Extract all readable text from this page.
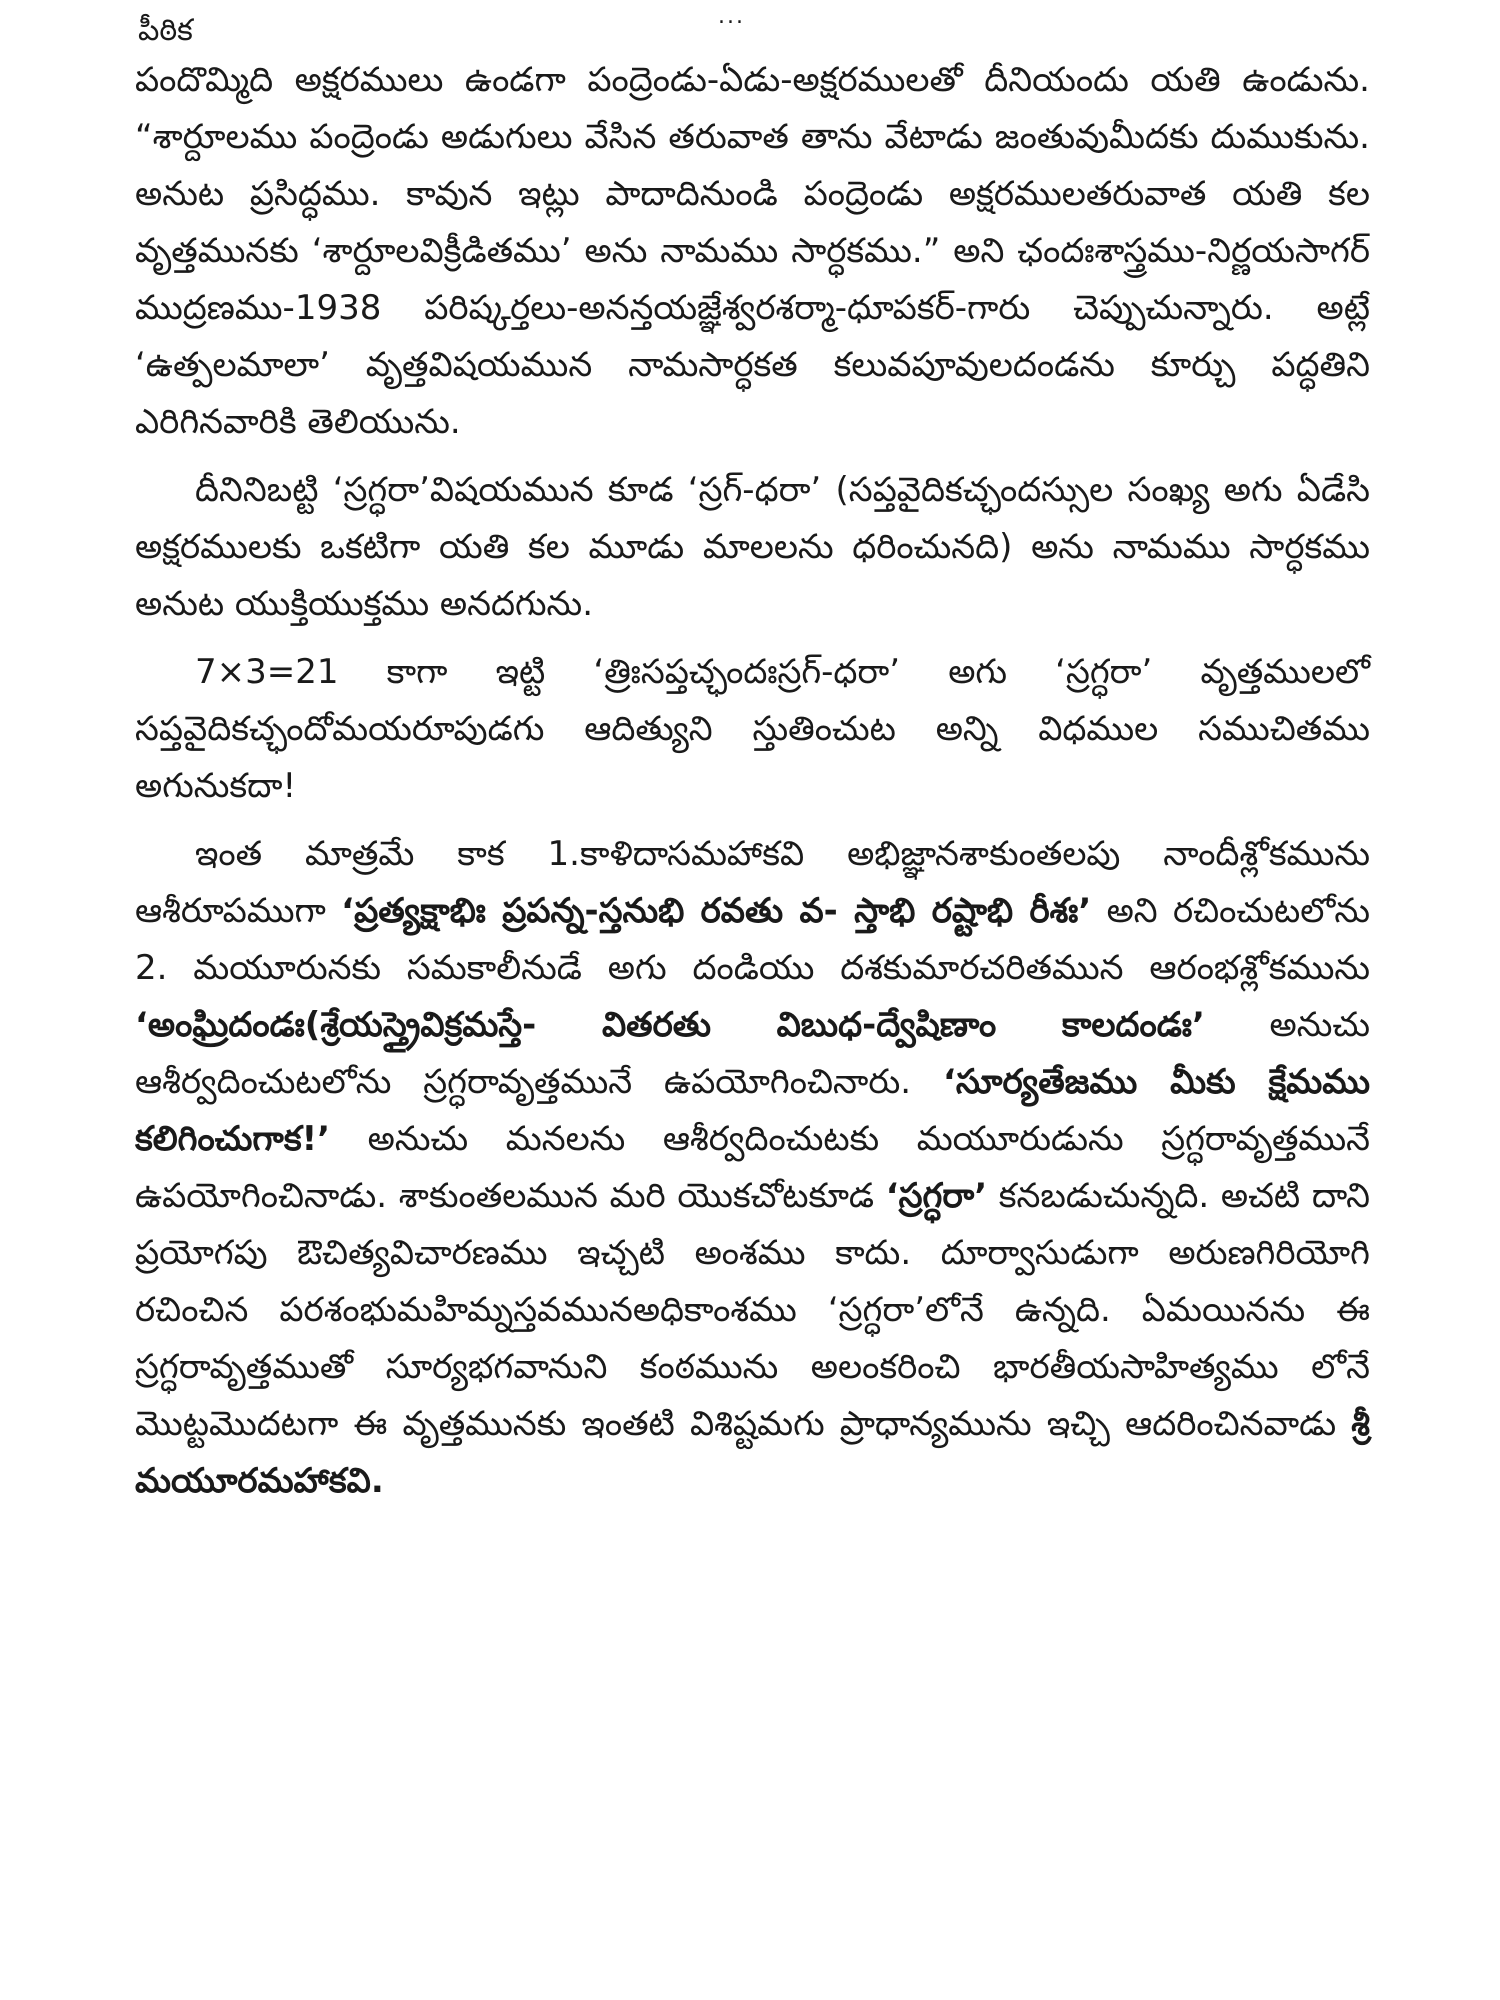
...
పీఠిక

పందొమ్మిది అక్షరములు ఉండగా పంద్రెండు-ఏడు-అక్షరములతో దీనియందు యతి ఉండును. “శార్దూలము పంద్రెండు అడుగులు వేసిన తరువాత తాను వేటాడు జంతువుమీదకు దుముకును. అనుట ప్రసిద్ధము. కావున ఇట్లు పాదాదినుండి పంద్రెండు అక్షరములతరువాత యతి కల వృత్తమునకు ‘శార్దూలవిక్రీడితము’ అను నామము సార్ధకము.” అని ఛందఃశాస్త్రము-నిర్ణయసాగర్ ముద్రణము-1938 పరిష్కర్తలు-అనన్తయజ్ఞేశ్వరశర్మా-ధూపకర్-గారు చెప్పుచున్నారు. అట్లే ‘ఉత్పలమాలా’ వృత్తవిషయమున నామసార్ధకత కలువపూవులదండను కూర్చు పద్ధతిని ఎరిగినవారికి తెలియును.

దీనినిబట్టి ‘స్రగ్ధరా’విషయమున కూడ ‘స్రగ్-ధరా’ (సప్తవైదికచ్ఛందస్సుల సంఖ్య అగు ఏడేసి అక్షరములకు ఒకటిగా యతి కల మూడు మాలలను ధరించునది) అను నామము సార్ధకము అనుట యుక్తియుక్తము అనదగును.

7×3=21 కాగా ఇట్టి ‘త్రిఃసప్తచ్ఛందఃస్రగ్-ధరా’ అగు ‘స్రగ్ధరా’ వృత్తములలో సప్తవైదికచ్ఛందోమయరూపుడగు ఆదిత్యుని స్తుతించుట అన్ని విధముల సముచితము అగునుకదా!

ఇంత మాత్రమే కాక 1.కాళిదాసమహాకవి అభిజ్ఞానశాకుంతలపు నాందీశ్లోకమును ఆశీరూపముగా ‘ప్రత్యక్షాభిః ప్రపన్న-స్తనుభి రవతు వ- స్తాభి రష్టాభి రీశః’ అని రచించుటలోను 2. మయూరునకు సమకాలీనుడే అగు దండియు దశకుమారచరితమున ఆరంభశ్లోకమును ‘అంఘ్రిదండః(శ్రేయస్త్రైవిక్రమస్తే- వితరతు విబుధ-ద్వేషిణాం కాలదండః’ అనుచు ఆశీర్వదించుటలోను స్రగ్ధరావృత్తమునే ఉపయోగించినారు. ‘సూర్యతేజము మీకు క్షేమము కలిగించుగాక!’ అనుచు మనలను ఆశీర్వదించుటకు మయూరుడును స్రగ్ధరావృత్తమునే ఉపయోగించినాడు. శాకుంతలమున మరి యొకచోటకూడ ‘స్రగ్ధరా’ కనబడుచున్నది. అచటి దాని ప్రయోగపు ఔచిత్యవిచారణము ఇచ్చటి అంశము కాదు. దూర్వాసుడుగా అరుణగిరియోగి రచించిన పరశంభుమహిమ్నస్తవమునఅధికాంశము ‘స్రగ్ధరా’లోనే ఉన్నది. ఏమయినను ఈ స్రగ్ధరావృత్తముతో సూర్యభగవానుని కంఠమును అలంకరించి భారతీయసాహిత్యము లోనే మొట్టమొదటగా ఈ వృత్తమునకు ఇంతటి విశిష్టమగు ప్రాధాన్యమును ఇచ్చి ఆదరించినవాడు శ్రీ మయూరమహాకవి.
